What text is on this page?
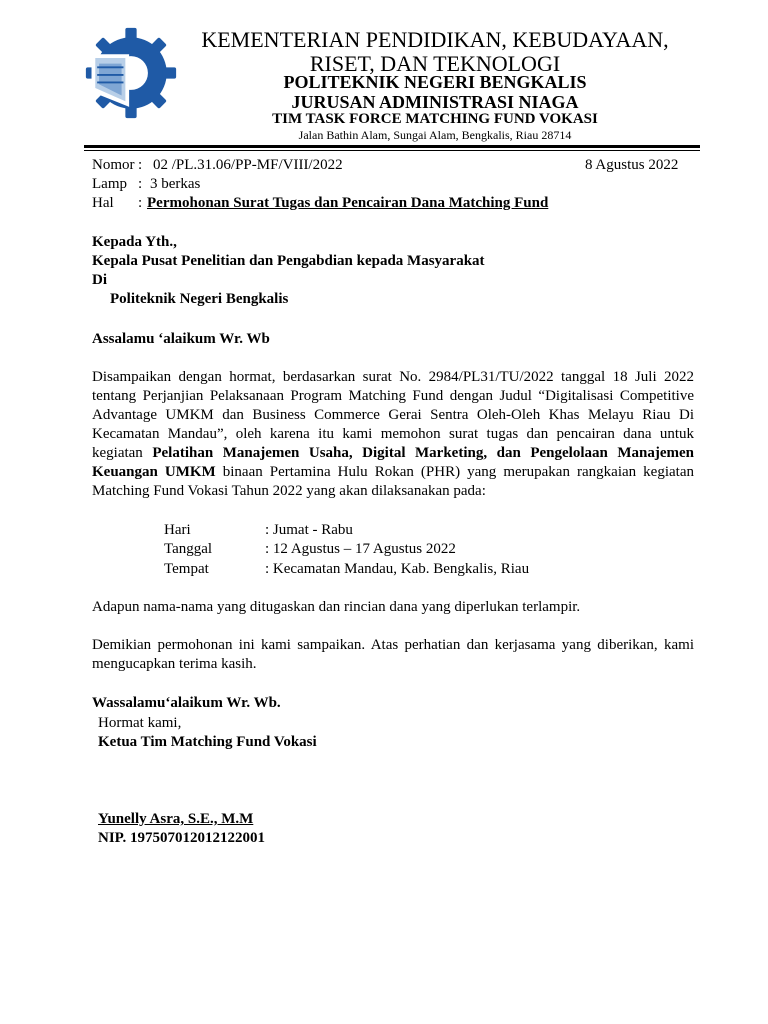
KEMENTERIAN PENDIDIKAN, KEBUDAYAAN,
RISET, DAN TEKNOLOGI
POLITEKNIK NEGERI BENGKALIS
JURUSAN ADMINISTRASI NIAGA
TIM TASK FORCE MATCHING FUND VOKASI
Jalan Bathin Alam, Sungai Alam, Bengkalis, Riau 28714
Nomor : 02 /PL.31.06/PP-MF/VIII/2022	8 Agustus 2022
Lamp : 3 berkas
Hal : Permohonan Surat Tugas dan Pencairan Dana Matching Fund
Kepada Yth.,
Kepala Pusat Penelitian dan Pengabdian kepada Masyarakat
Di
Politeknik Negeri Bengkalis
Assalamu ‘alaikum Wr. Wb
Disampaikan dengan hormat, berdasarkan surat No. 2984/PL31/TU/2022 tanggal 18 Juli 2022
tentang Perjanjian Pelaksanaan Program Matching Fund dengan Judul “Digitalisasi Competitive
Advantage UMKM dan Business Commerce Gerai Sentra Oleh-Oleh Khas Melayu Riau Di
Kecamatan Mandau”, oleh karena itu kami memohon surat tugas dan pencairan dana untuk
kegiatan Pelatihan Manajemen Usaha, Digital Marketing, dan Pengelolaan Manajemen
Keuangan UMKM binaan Pertamina Hulu Rokan (PHR) yang merupakan rangkaian kegiatan
Matching Fund Vokasi Tahun 2022 yang akan dilaksanakan pada:
Hari	: Jumat - Rabu
Tanggal	: 12 Agustus – 17 Agustus 2022
Tempat	: Kecamatan Mandau, Kab. Bengkalis, Riau
Adapun nama-nama yang ditugaskan dan rincian dana yang diperlukan terlampir.
Demikian permohonan ini kami sampaikan. Atas perhatian dan kerjasama yang diberikan, kami
mengucapkan terima kasih.
Wassalamu‘alaikum Wr. Wb.
Hormat kami,
Ketua Tim Matching Fund Vokasi
Yunelly Asra, S.E., M.M
NIP. 197507012012122001
